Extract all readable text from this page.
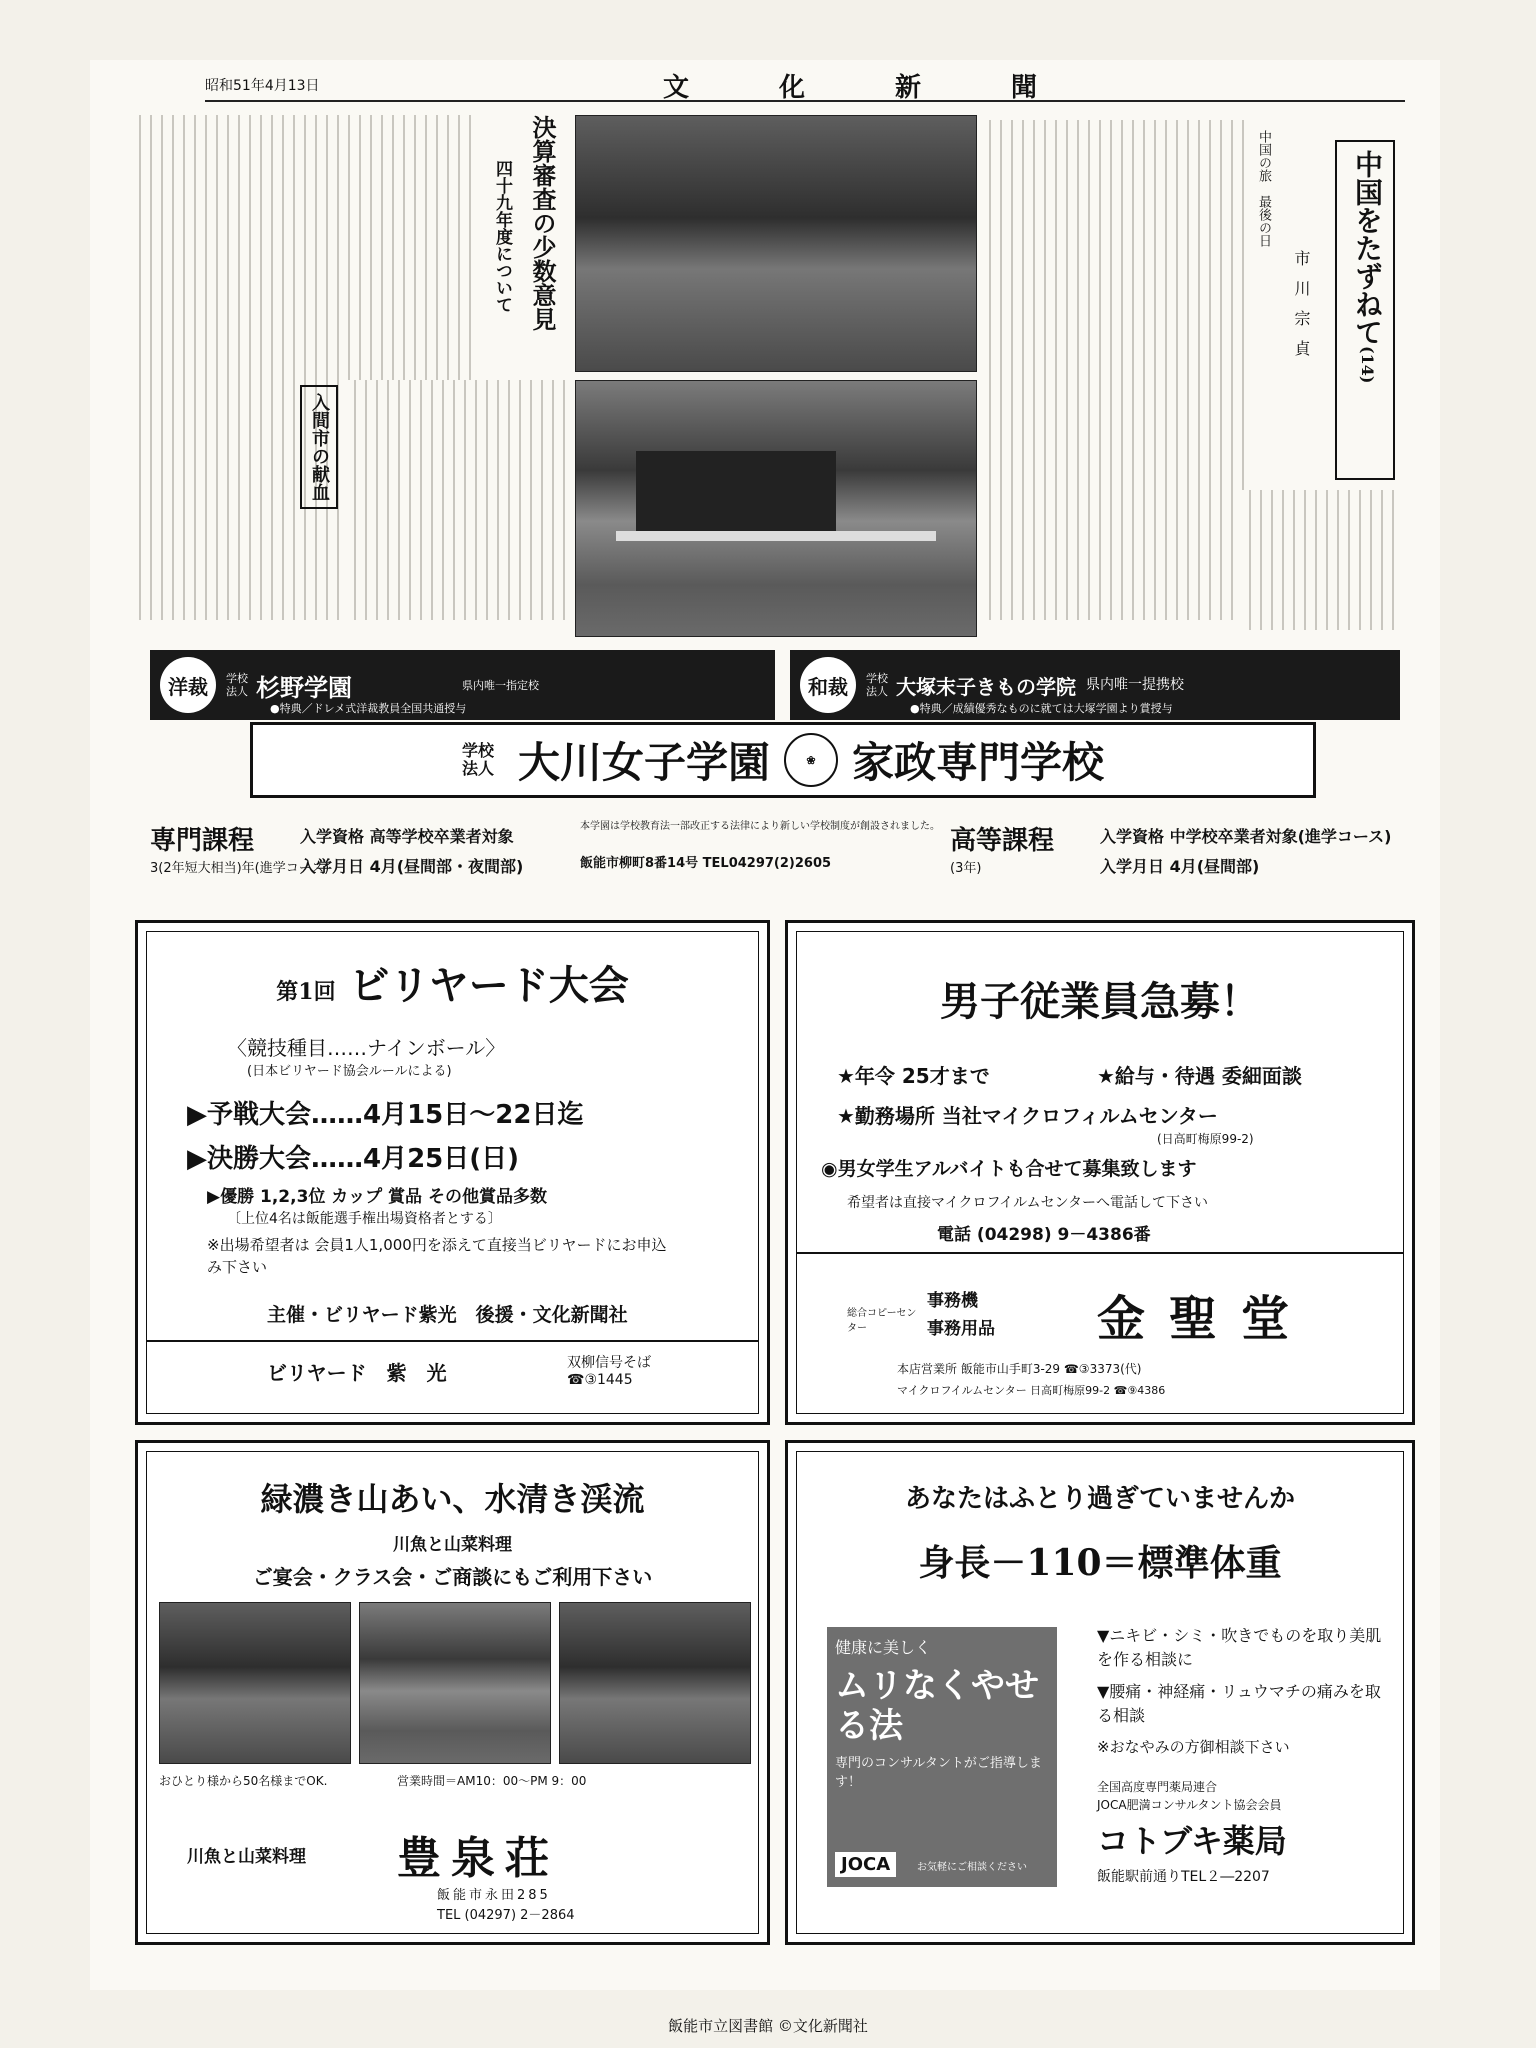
昭和51年4月13日	文化新聞
中国をたずねて(14)
市川宗貞
中国の旅　最後の日
決算審査の少数意見
四十九年度について
入間市の献血
洋裁	学校法人 杉野学園	県内唯一指定校
●特典／ドレメ式洋裁教員全国共通授与
和裁	学校法人 大塚末子きもの学院 県内唯一提携校
●特典／成績優秀なものに就ては大塚学園より賞授与
学校法人 大川女子学園	❀ 家政専門学校
専門課程
3(2年短大相当)年(進学コース)
入学資格 高等学校卒業者対象
入学月日 4月(昼間部・夜間部)
本学園は学校教育法一部改正する法律により新しい学校制度が創設されました。
飯能市柳町8番14号 TEL04297(2)2605
高等課程
(3年)
入学資格 中学校卒業者対象(進学コース)
入学月日 4月(昼間部)
第1回 ビリヤード大会
〈競技種目……ナインボール〉
(日本ビリヤード協会ルールによる)
▶予戦大会……4月15日～22日迄
▶決勝大会……4月25日(日)
▶優勝 1,2,3位 カップ 賞品 その他賞品多数
〔上位4名は飯能選手権出場資格者とする〕
※出場希望者は 会員1人1,000円を添えて直接当ビリヤードにお申込み下さい
主催・ビリヤード紫光　後援・文化新聞社
ビリヤード　紫　光	双柳信号そば
☎③1445
男子従業員急募！
★年令 25才まで	★給与・待遇 委細面談
★勤務場所 当社マイクロフィルムセンター
(日高町梅原99-2)
◉男女学生アルバイトも合せて募集致します
希望者は直接マイクロフイルムセンターへ電話して下さい
電話 (04298) 9－4386番
総合コピーセンター
事務機
事務用品	金聖堂
本店営業所 飯能市山手町3-29 ☎③3373(代)
マイクロフイルムセンター 日高町梅原99-2 ☎⑨4386
緑濃き山あい、水清き渓流
川魚と山菜料理
ご宴会・クラス会・ご商談にもご利用下さい
おひとり様から50名様までOK.	営業時間＝AM10：00～PM 9：00
川魚と山菜料理	豊泉荘
飯能市永田285
TEL (04297) 2－2864
あなたはふとり過ぎていませんか
身長－110＝標準体重
健康に美しく
ムリなくやせる法
専門のコンサルタントがご指導します！
JOCA	お気軽にご相談ください
▼ニキビ・シミ・吹きでものを取り美肌を作る相談に
▼腰痛・神経痛・リュウマチの痛みを取る相談
※おなやみの方御相談下さい
全国高度専門薬局連合
JOCA肥満コンサルタント協会会員
コトブキ薬局
飯能駅前通りTEL２―2207
飯能市立図書館 ©文化新聞社
